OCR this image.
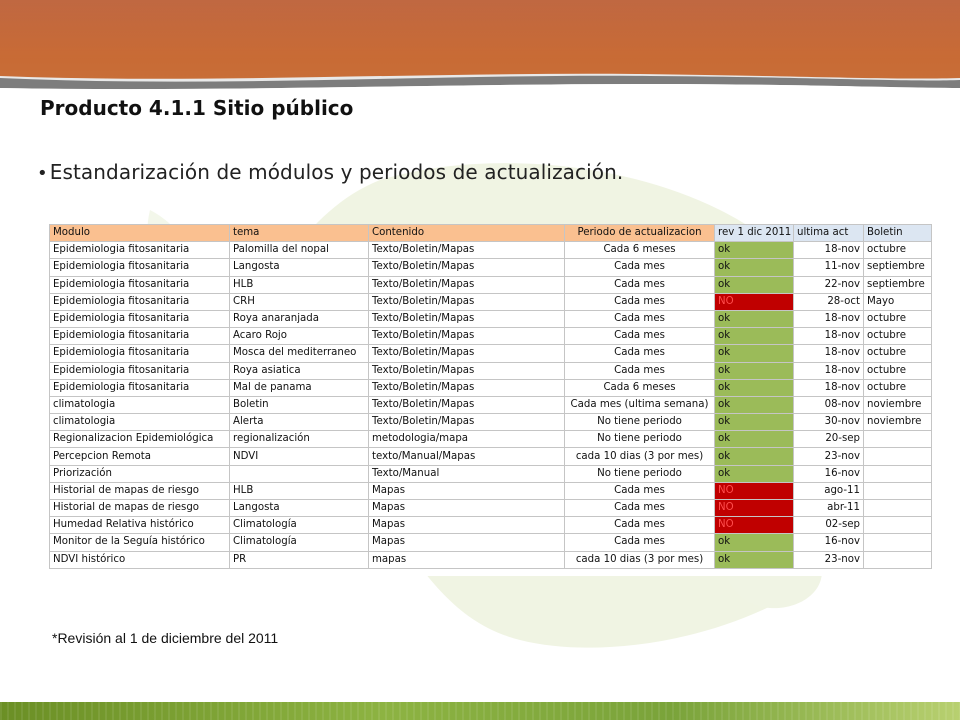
Producto 4.1.1 Sitio público
• Estandarización de módulos y periodos de actualización.
Modulo	tema	Contenido	Periodo de actualizacion	rev 1 dic 2011	ultima act	Boletin
Epidemiologia fitosanitaria	Palomilla del nopal	Texto/Boletin/Mapas	Cada 6 meses	ok	18-nov	octubre
Epidemiologia fitosanitaria	Langosta	Texto/Boletin/Mapas	Cada mes	ok	11-nov	septiembre
Epidemiologia fitosanitaria	HLB	Texto/Boletin/Mapas	Cada mes	ok	22-nov	septiembre
Epidemiologia fitosanitaria	CRH	Texto/Boletin/Mapas	Cada mes	NO	28-oct	Mayo
Epidemiologia fitosanitaria	Roya anaranjada	Texto/Boletin/Mapas	Cada mes	ok	18-nov	octubre
Epidemiologia fitosanitaria	Acaro Rojo	Texto/Boletin/Mapas	Cada mes	ok	18-nov	octubre
Epidemiologia fitosanitaria	Mosca del mediterraneo	Texto/Boletin/Mapas	Cada mes	ok	18-nov	octubre
Epidemiologia fitosanitaria	Roya asiatica	Texto/Boletin/Mapas	Cada mes	ok	18-nov	octubre
Epidemiologia fitosanitaria	Mal de panama	Texto/Boletin/Mapas	Cada 6 meses	ok	18-nov	octubre
climatologia	Boletin	Texto/Boletin/Mapas	Cada mes (ultima semana)	ok	08-nov	noviembre
climatologia	Alerta	Texto/Boletin/Mapas	No tiene periodo	ok	30-nov	noviembre
Regionalizacion Epidemiológica	regionalización	metodologia/mapa	No tiene periodo	ok	20-sep	
Percepcion Remota	NDVI	texto/Manual/Mapas	cada 10 dias (3 por mes)	ok	23-nov	
Priorización		Texto/Manual	No tiene periodo	ok	16-nov	
Historial de mapas de riesgo	HLB	Mapas	Cada mes	NO	ago-11	
Historial de mapas de riesgo	Langosta	Mapas	Cada mes	NO	abr-11	
Humedad Relativa histórico	Climatología	Mapas	Cada mes	NO	02-sep	
Monitor de la Seguía histórico	Climatología	Mapas	Cada mes	ok	16-nov	
NDVI histórico	PR	mapas	cada 10 dias (3 por mes)	ok	23-nov	
*Revisión al 1 de diciembre del 2011
